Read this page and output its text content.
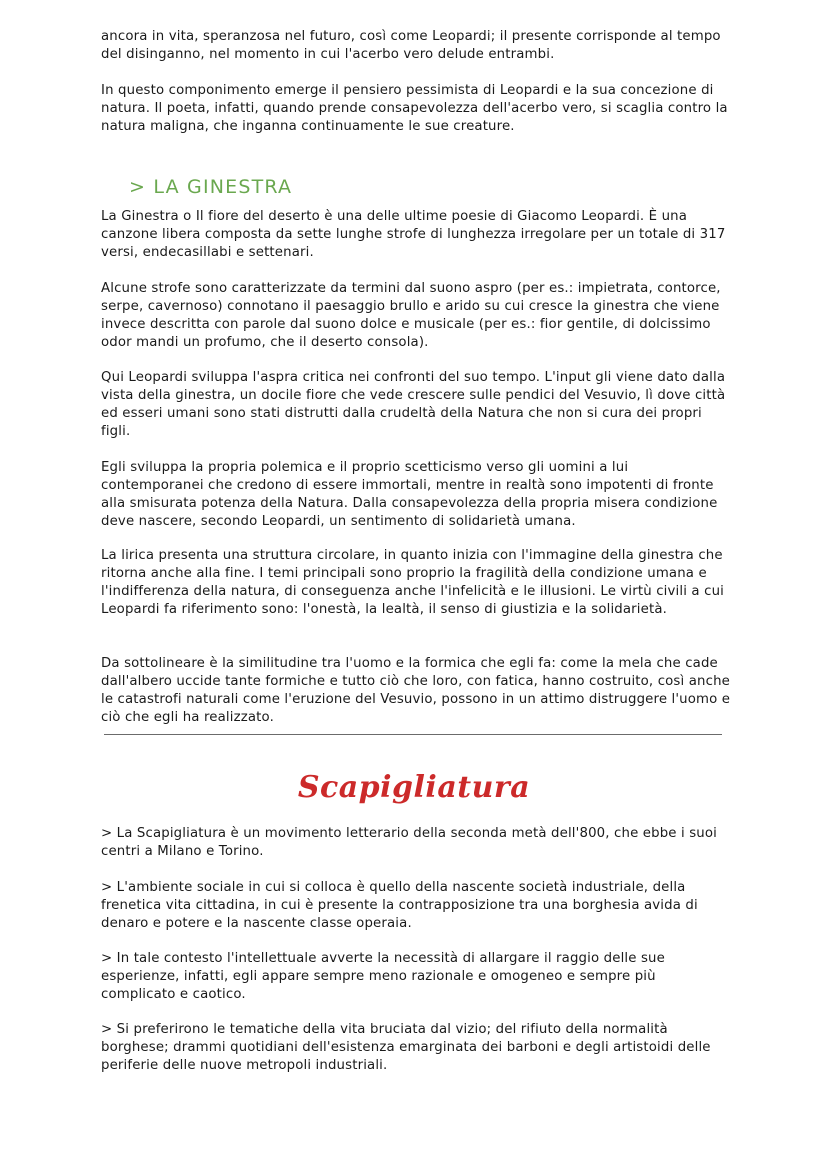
ancora in vita, speranzosa nel futuro, così come Leopardi; il presente corrisponde al tempo del disinganno, nel momento in cui l'acerbo vero delude entrambi.

In questo componimento emerge il pensiero pessimista di Leopardi e la sua concezione di natura. Il poeta, infatti, quando prende consapevolezza dell'acerbo vero, si scaglia contro la natura maligna, che inganna continuamente le sue creature.

> LA GINESTRA

La Ginestra o Il fiore del deserto è una delle ultime poesie di Giacomo Leopardi. È una canzone libera composta da sette lunghe strofe di lunghezza irregolare per un totale di 317 versi, endecasillabi e settenari.

Alcune strofe sono caratterizzate da termini dal suono aspro (per es.: impietrata, contorce, serpe, cavernoso) connotano il paesaggio brullo e arido su cui cresce la ginestra che viene invece descritta con parole dal suono dolce e musicale (per es.: fior gentile, di dolcissimo odor mandi un profumo, che il deserto consola).

Qui Leopardi sviluppa l'aspra critica nei confronti del suo tempo. L'input gli viene dato dalla vista della ginestra, un docile fiore che vede crescere sulle pendici del Vesuvio, lì dove città ed esseri umani sono stati distrutti dalla crudeltà della Natura che non si cura dei propri figli.

Egli sviluppa la propria polemica e il proprio scetticismo verso gli uomini a lui contemporanei che credono di essere immortali, mentre in realtà sono impotenti di fronte alla smisurata potenza della Natura. Dalla consapevolezza della propria misera condizione deve nascere, secondo Leopardi, un sentimento di solidarietà umana.

La lirica presenta una struttura circolare, in quanto inizia con l'immagine della ginestra che ritorna anche alla fine. I temi principali sono proprio la fragilità della condizione umana e l'indifferenza della natura, di conseguenza anche l'infelicità e le illusioni. Le virtù civili a cui Leopardi fa riferimento sono: l'onestà, la lealtà, il senso di giustizia e la solidarietà.

Da sottolineare è la similitudine tra l'uomo e la formica che egli fa: come la mela che cade dall'albero uccide tante formiche e tutto ciò che loro, con fatica, hanno costruito, così anche le catastrofi naturali come l'eruzione del Vesuvio, possono in un attimo distruggere l'uomo e ciò che egli ha realizzato.

Scapigliatura

> La Scapigliatura è un movimento letterario della seconda metà dell'800, che ebbe i suoi centri a Milano e Torino.

> L'ambiente sociale in cui si colloca è quello della nascente società industriale, della frenetica vita cittadina, in cui è presente la contrapposizione tra una borghesia avida di denaro e potere e la nascente classe operaia.

> In tale contesto l'intellettuale avverte la necessità di allargare il raggio delle sue esperienze, infatti, egli appare sempre meno razionale e omogeneo e sempre più complicato e caotico.

> Si preferirono le tematiche della vita bruciata dal vizio; del rifiuto della normalità borghese; drammi quotidiani dell'esistenza emarginata dei barboni e degli artistoidi delle periferie delle nuove metropoli industriali.
